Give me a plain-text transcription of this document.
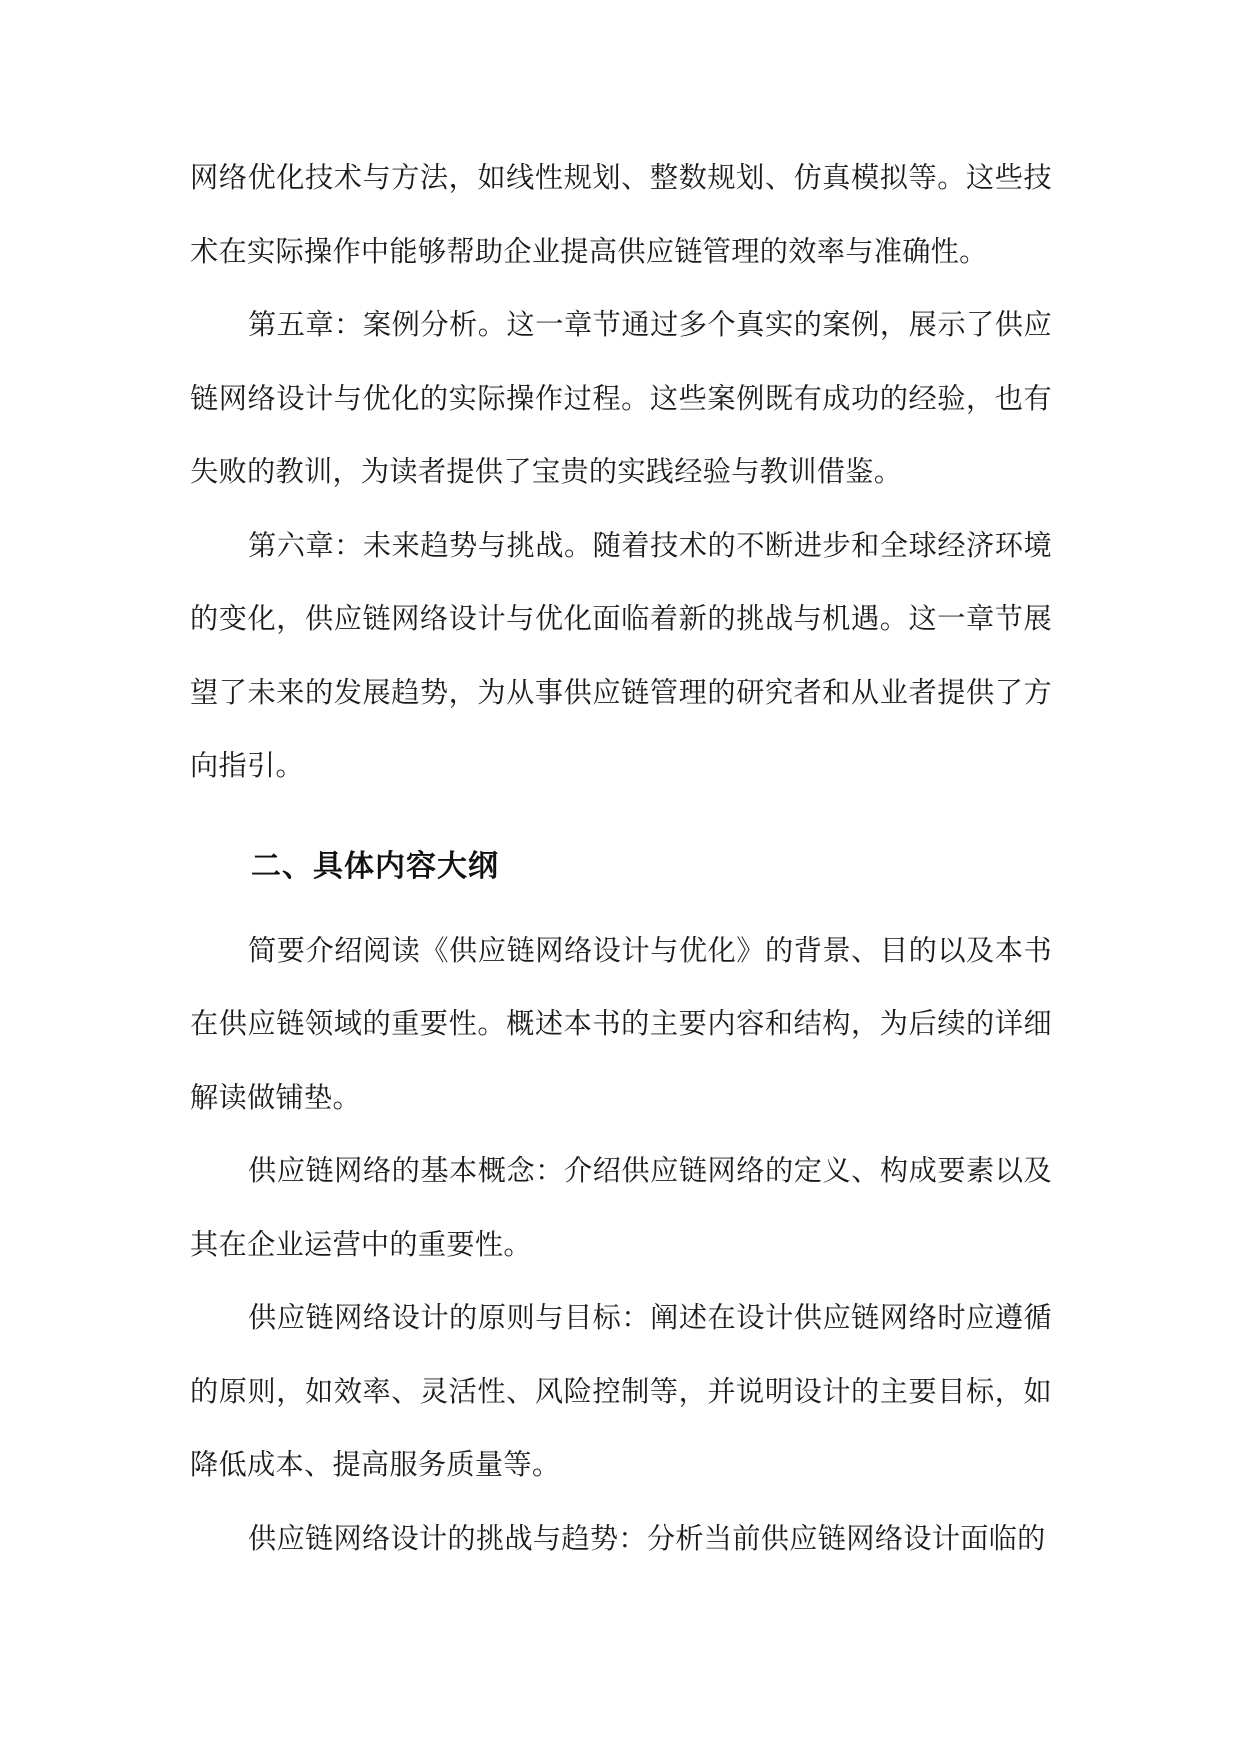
网络优化技术与方法，如线性规划、整数规划、仿真模拟等。这些技术在实际操作中能够帮助企业提高供应链管理的效率与准确性。

第五章：案例分析。这一章节通过多个真实的案例，展示了供应链网络设计与优化的实际操作过程。这些案例既有成功的经验，也有失败的教训，为读者提供了宝贵的实践经验与教训借鉴。

第六章：未来趋势与挑战。随着技术的不断进步和全球经济环境的变化，供应链网络设计与优化面临着新的挑战与机遇。这一章节展望了未来的发展趋势，为从事供应链管理的研究者和从业者提供了方向指引。

二、具体内容大纲

简要介绍阅读《供应链网络设计与优化》的背景、目的以及本书在供应链领域的重要性。概述本书的主要内容和结构，为后续的详细解读做铺垫。

供应链网络的基本概念：介绍供应链网络的定义、构成要素以及其在企业运营中的重要性。

供应链网络设计的原则与目标：阐述在设计供应链网络时应遵循的原则，如效率、灵活性、风险控制等，并说明设计的主要目标，如降低成本、提高服务质量等。

供应链网络设计的挑战与趋势：分析当前供应链网络设计面临的
